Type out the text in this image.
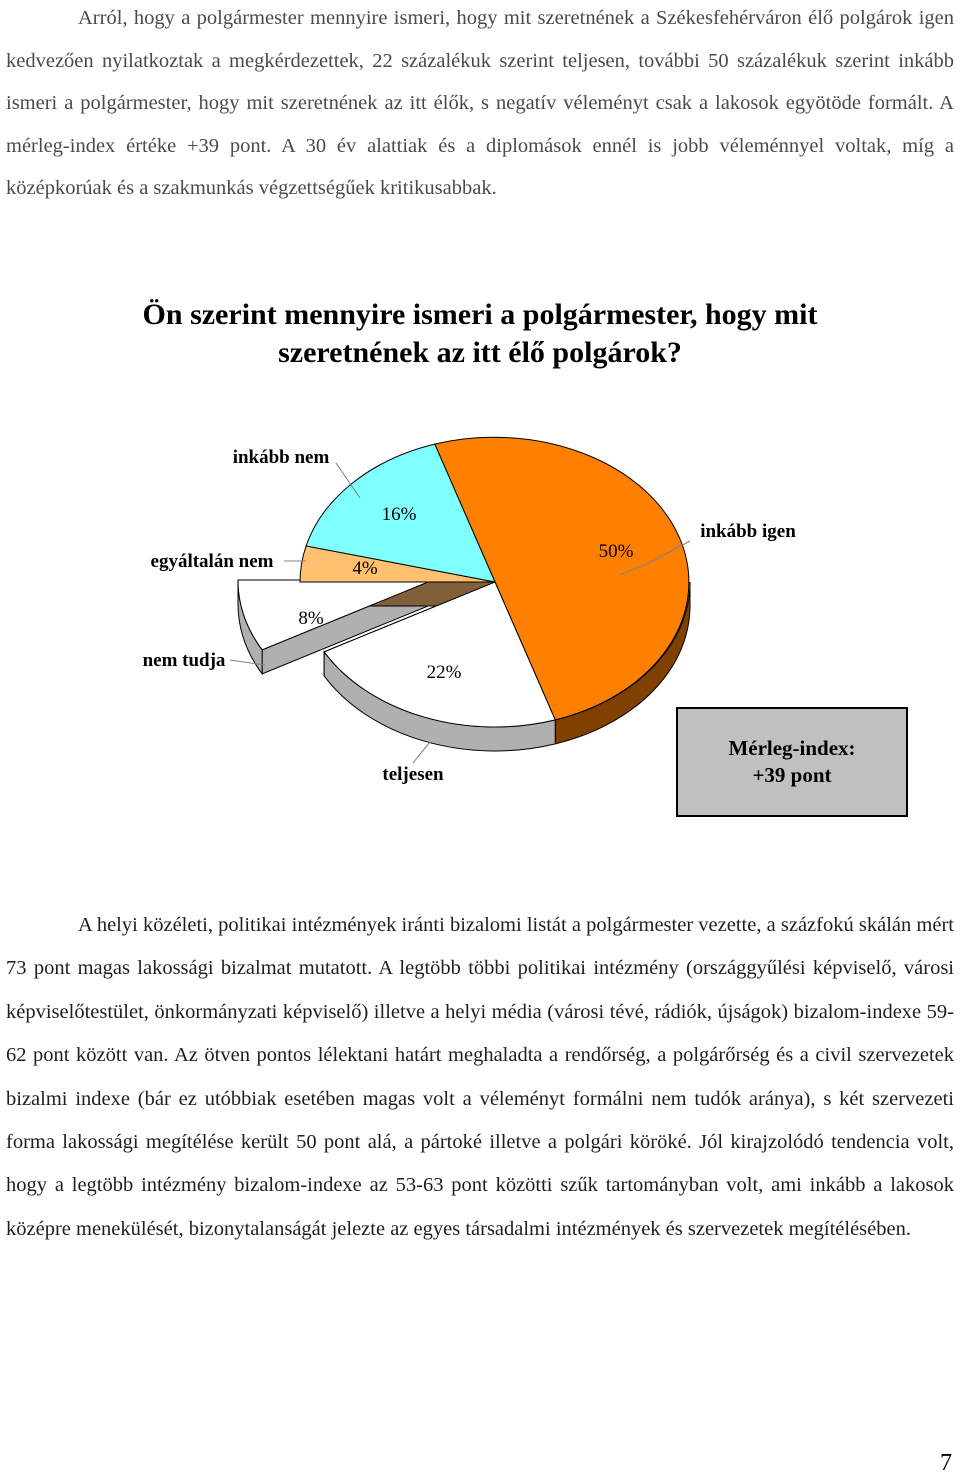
Arról, hogy a polgármester mennyire ismeri, hogy mit szeretnének a Székesfehérváron élő polgárok igen kedvezően nyilatkoztak a megkérdezettek, 22 százalékuk szerint teljesen, további 50 százalékuk szerint inkább ismeri a polgármester, hogy mit szeretnének az itt élők, s negatív véleményt csak a lakosok egyötöde formált. A mérleg-index értéke +39 pont. A 30 év alattiak és a diplomások ennél is jobb véleménnyel voltak, míg a középkorúak és a szakmunkás végzettségűek kritikusabbak.

Ön szerint mennyire ismeri a polgármester, hogy mit szeretnének az itt élő polgárok?
inkább igen
50%
teljesen
22%
nem tudja
8%
egyáltalán nem	4%
inkább nem
16%
Mérleg-index:
+39 pont

A helyi közéleti, politikai intézmények iránti bizalomi listát a polgármester vezette, a százfokú skálán mért 73 pont magas lakossági bizalmat mutatott. A legtöbb többi politikai intézmény (országgyűlési képviselő, városi képviselőtestület, önkormányzati képviselő) illetve a helyi média (városi tévé, rádiók, újságok) bizalom-indexe 59-62 pont között van. Az ötven pontos lélektani határt meghaladta a rendőrség, a polgárőrség és a civil szervezetek bizalmi indexe (bár ez utóbbiak esetében magas volt a véleményt formálni nem tudók aránya), s két szervezeti forma lakossági megítélése került 50 pont alá, a pártoké illetve a polgári köröké. Jól kirajzolódó tendencia volt, hogy a legtöbb intézmény bizalom-indexe az 53-63 pont közötti szűk tartományban volt, ami inkább a lakosok középre menekülését, bizonytalanságát jelezte az egyes társadalmi intézmények és szervezetek megítélésében.

7
